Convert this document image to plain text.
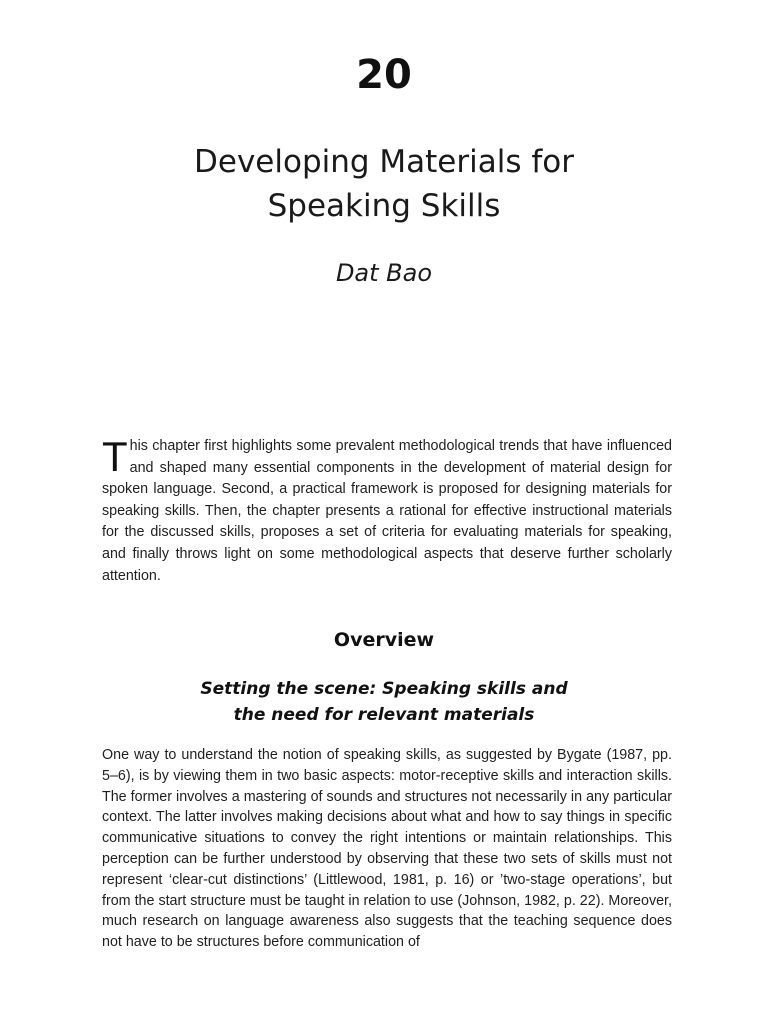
20
Developing Materials for
Speaking Skills
Dat Bao
This chapter first highlights some prevalent methodological trends that have influenced and shaped many essential components in the development of material design for spoken language. Second, a practical framework is proposed for designing materials for speaking skills. Then, the chapter presents a rational for effective instructional materials for the discussed skills, proposes a set of criteria for evaluating materials for speaking, and finally throws light on some methodological aspects that deserve further scholarly attention.
Overview
Setting the scene: Speaking skills and
the need for relevant materials

One way to understand the notion of speaking skills, as suggested by Bygate (1987, pp. 5–6), is by viewing them in two basic aspects: motor-receptive skills and interaction skills. The former involves a mastering of sounds and structures not necessarily in any particular context. The latter involves making decisions about what and how to say things in specific communicative situations to convey the right intentions or maintain relationships. This perception can be further understood by observing that these two sets of skills must not represent ‘clear-cut distinctions’ (Littlewood, 1981, p. 16) or ’two-stage operations’, but from the start structure must be taught in relation to use (Johnson, 1982, p. 22). Moreover, much research on language awareness also suggests that the teaching sequence does not have to be structures before communication of
